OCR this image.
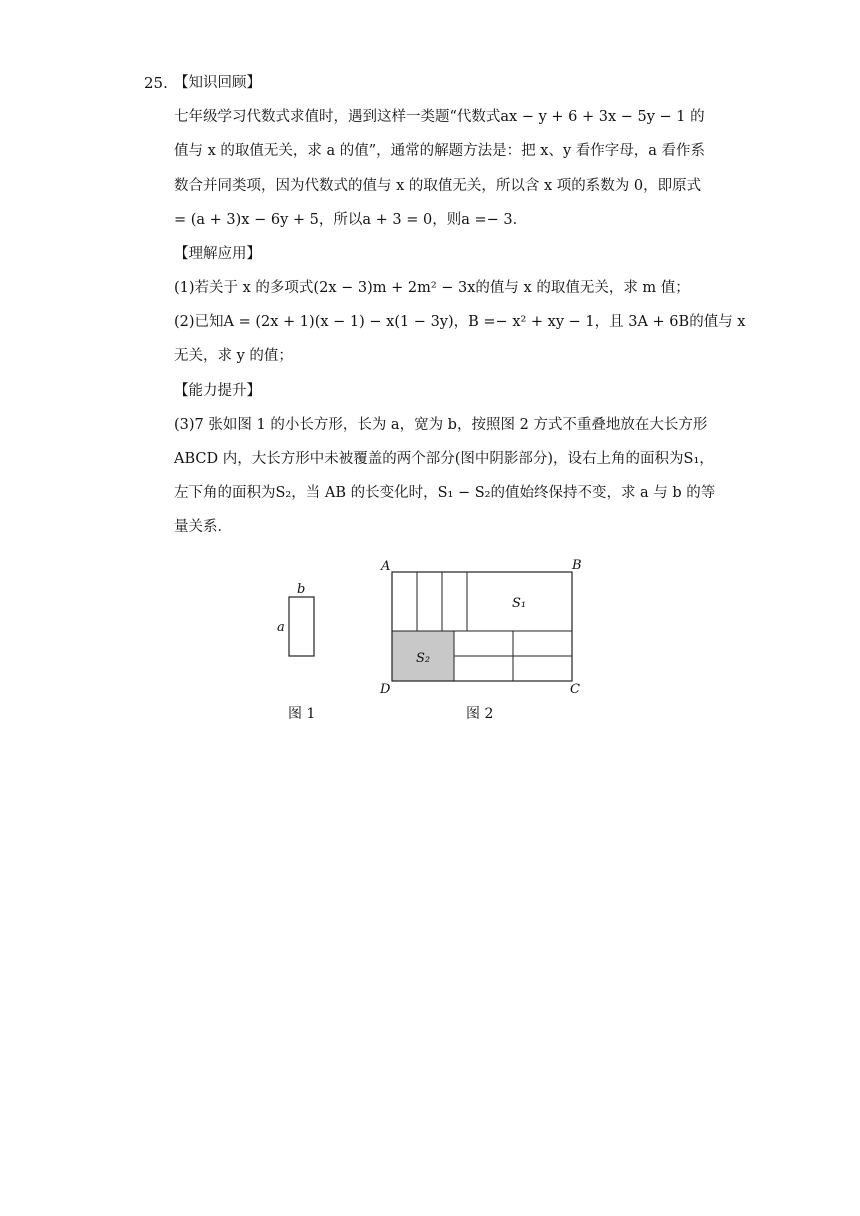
25. 【知识回顾】
七年级学习代数式求值时，遇到这样一类题“代数式ax − y + 6 + 3x − 5y − 1 的
值与 x 的取值无关，求 a 的值”，通常的解题方法是：把 x、y 看作字母，a 看作系
数合并同类项，因为代数式的值与 x 的取值无关，所以含 x 项的系数为 0，即原式
= (a + 3)x − 6y + 5，所以a + 3 = 0，则a =− 3．
【理解应用】
(1)若关于 x 的多项式(2x − 3)m + 2m² − 3x的值与 x 的取值无关，求 m 值；
(2)已知A = (2x + 1)(x − 1) − x(1 − 3y)，B =− x² + xy − 1，且 3A + 6B的值与 x
无关，求 y 的值；
【能力提升】
(3)7 张如图 1 的小长方形，长为 a，宽为 b，按照图 2 方式不重叠地放在大长方形
ABCD 内，大长方形中未被覆盖的两个部分(图中阴影部分)，设右上角的面积为S₁，
左下角的面积为S₂，当 AB 的长变化时，S₁ − S₂的值始终保持不变，求 a 与 b 的等
量关系．
b
a
A	B
C
D
S₁
S₂
图 1	图 2
